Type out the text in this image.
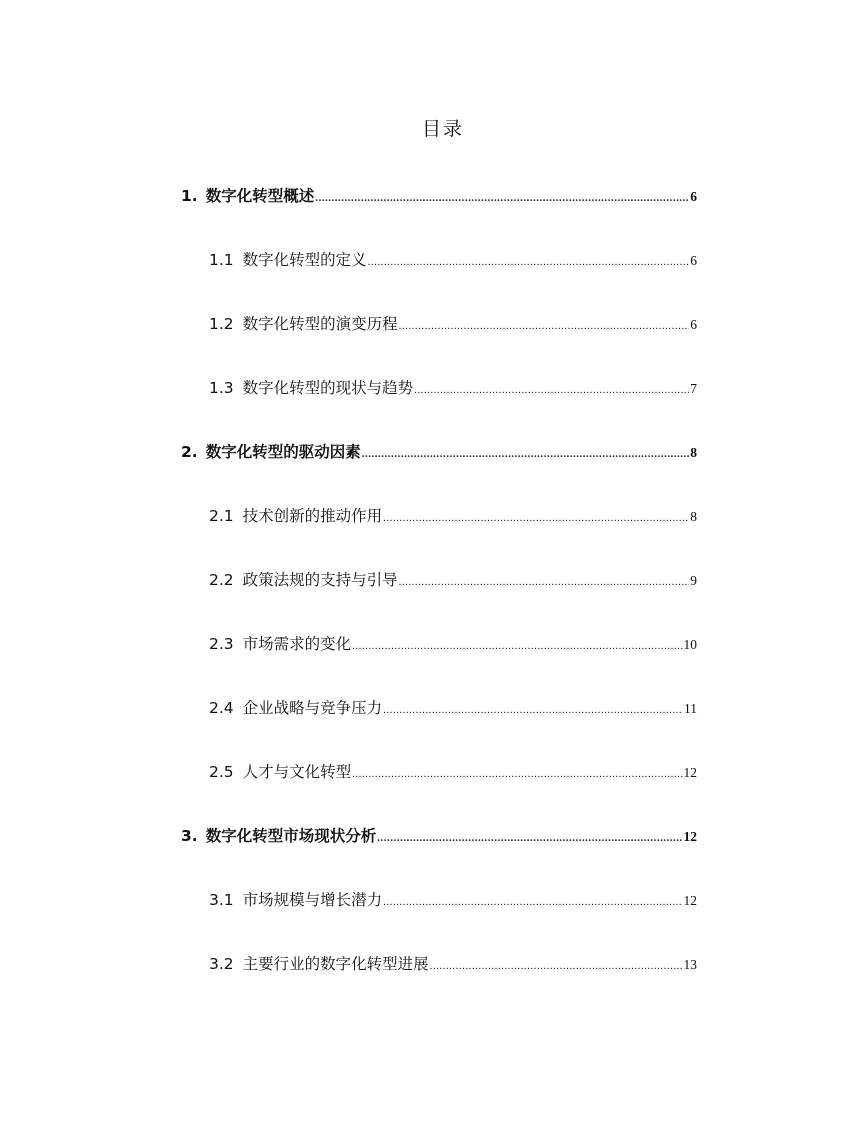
目录
1. 数字化转型概述 .....	6
1.1 数字化转型的定义 .....	6
1.2 数字化转型的演变历程 .....	6
1.3 数字化转型的现状与趋势 .....	7
2. 数字化转型的驱动因素 .....	8
2.1 技术创新的推动作用 .....	8
2.2 政策法规的支持与引导 .....	9
2.3 市场需求的变化 .....	10
2.4 企业战略与竞争压力 .....	11
2.5 人才与文化转型 .....	12
3. 数字化转型市场现状分析 .....	12
3.1 市场规模与增长潜力 .....	12
3.2 主要行业的数字化转型进展 .....	13
